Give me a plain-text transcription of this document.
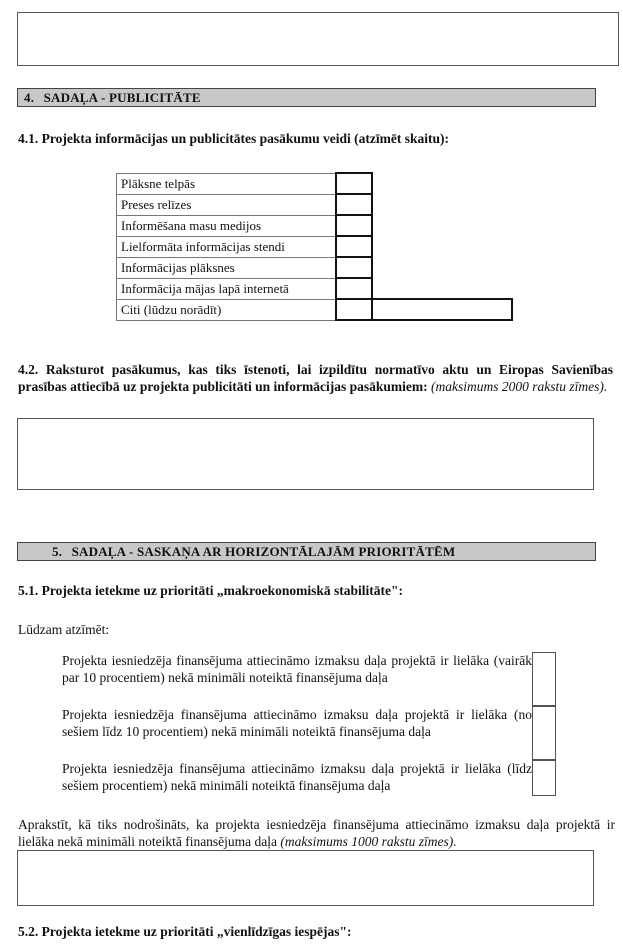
4. SADAĻA - PUBLICITĀTE
4.1. Projekta informācijas un publicitātes pasākumu veidi (atzīmēt skaitu):
Plāksne telpās		
Preses relīzes		
Informēšana masu medijos		
Lielformāta informācijas stendi		
Informācijas plāksnes		
Informācija mājas lapā internetā		
Citi (lūdzu norādīt)		
4.2. Raksturot pasākumus, kas tiks īstenoti, lai izpildītu normatīvo aktu un Eiropas Savienības prasības attiecībā uz projekta publicitāti un informācijas pasākumiem: (maksimums 2000 rakstu zīmes).
5. SADAĻA - SASKAŅA AR HORIZONTĀLAJĀM PRIORITĀTĒM
5.1. Projekta ietekme uz prioritāti „makroekonomiskā stabilitāte":
Lūdzam atzīmēt:
Projekta iesniedzēja finansējuma attiecināmo izmaksu daļa projektā ir lielāka (vairāk par 10 procentiem) nekā minimāli noteiktā finansējuma daļa
Projekta iesniedzēja finansējuma attiecināmo izmaksu daļa projektā ir lielāka (no sešiem līdz 10 procentiem) nekā minimāli noteiktā finansējuma daļa
Projekta iesniedzēja finansējuma attiecināmo izmaksu daļa projektā ir lielāka (līdz sešiem procentiem) nekā minimāli noteiktā finansējuma daļa
Aprakstīt, kā tiks nodrošināts, ka projekta iesniedzēja finansējuma attiecināmo izmaksu daļa projektā ir lielāka nekā minimāli noteiktā finansējuma daļa (maksimums 1000 rakstu zīmes).
5.2. Projekta ietekme uz prioritāti „vienlīdzīgas iespējas":
